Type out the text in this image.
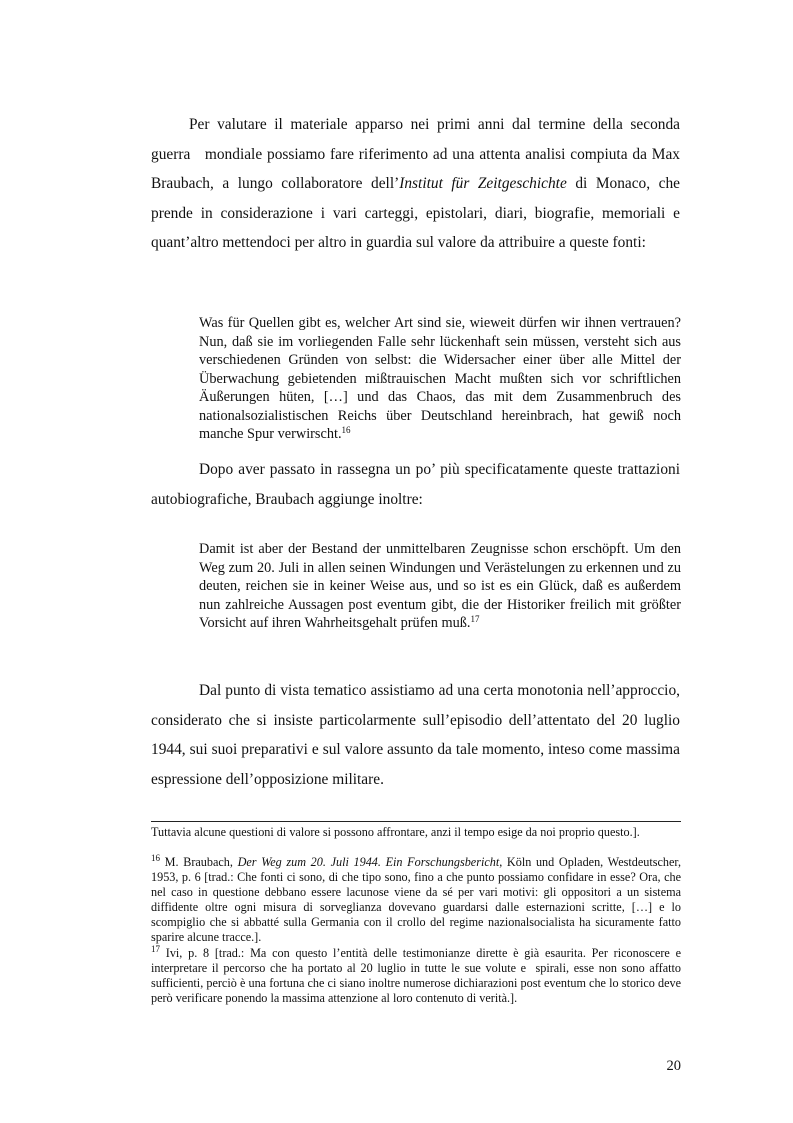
Per valutare il materiale apparso nei primi anni dal termine della seconda guerra   mondiale possiamo fare riferimento ad una attenta analisi compiuta da Max Braubach, a lungo collaboratore dell’Institut für Zeitgeschichte di Monaco, che prende in considerazione i vari carteggi, epistolari, diari, biografie, memoriali e quant’altro mettendoci per altro in guardia sul valore da attribuire a queste fonti:

Was für Quellen gibt es, welcher Art sind sie, wieweit dürfen wir ihnen vertrauen? Nun, daß sie im vorliegenden Falle sehr lückenhaft sein müssen, versteht sich aus verschiedenen Gründen von selbst: die Widersacher einer über alle Mittel der Überwachung gebietenden mißtrauischen Macht mußten sich vor schriftlichen Äußerungen hüten, […] und das Chaos, das mit dem Zusammenbruch des nationalsozialistischen Reichs über Deutschland hereinbrach, hat gewiß noch manche Spur verwirscht.$^{16}$

Dopo aver passato in rassegna un po’ più specificatamente queste trattazioni autobiografiche, Braubach aggiunge inoltre:

Damit ist aber der Bestand der unmittelbaren Zeugnisse schon erschöpft. Um den Weg zum 20. Juli in allen seinen Windungen und Verästelungen zu erkennen und zu deuten, reichen sie in keiner Weise aus, und so ist es ein Glück, daß es außerdem nun zahlreiche Aussagen post eventum gibt, die der Historiker freilich mit größter Vorsicht auf ihren Wahrheitsgehalt prüfen muß.$^{17}$

Dal punto di vista tematico assistiamo ad una certa monotonia nell’approccio, considerato che si insiste particolarmente sull’episodio dell’attentato del 20 luglio 1944, sui suoi preparativi e sul valore assunto da tale momento, inteso come massima espressione dell’opposizione militare.

Tuttavia alcune questioni di valore si possono affrontare, anzi il tempo esige da noi proprio questo.].

$^{16}$ M. Braubach, Der Weg zum 20. Juli 1944. Ein Forschungsbericht, Köln und Opladen, Westdeutscher, 1953, p. 6 [trad.: Che fonti ci sono, di che tipo sono, fino a che punto possiamo confidare in esse? Ora, che nel caso in questione debbano essere lacunose viene da sé per vari motivi: gli oppositori a un sistema diffidente oltre ogni misura di sorveglianza dovevano guardarsi dalle esternazioni scritte, […] e lo scompiglio che si abbatté sulla Germania con il crollo del regime nazionalsocialista ha sicuramente fatto sparire alcune tracce.].

$^{17}$ Ivi, p. 8 [trad.: Ma con questo l’entità delle testimonianze dirette è già esaurita. Per riconoscere e interpretare il percorso che ha portato al 20 luglio in tutte le sue volute e  spirali, esse non sono affatto sufficienti, perciò è una fortuna che ci siano inoltre numerose dichiarazioni post eventum che lo storico deve però verificare ponendo la massima attenzione al loro contenuto di verità.].

20
